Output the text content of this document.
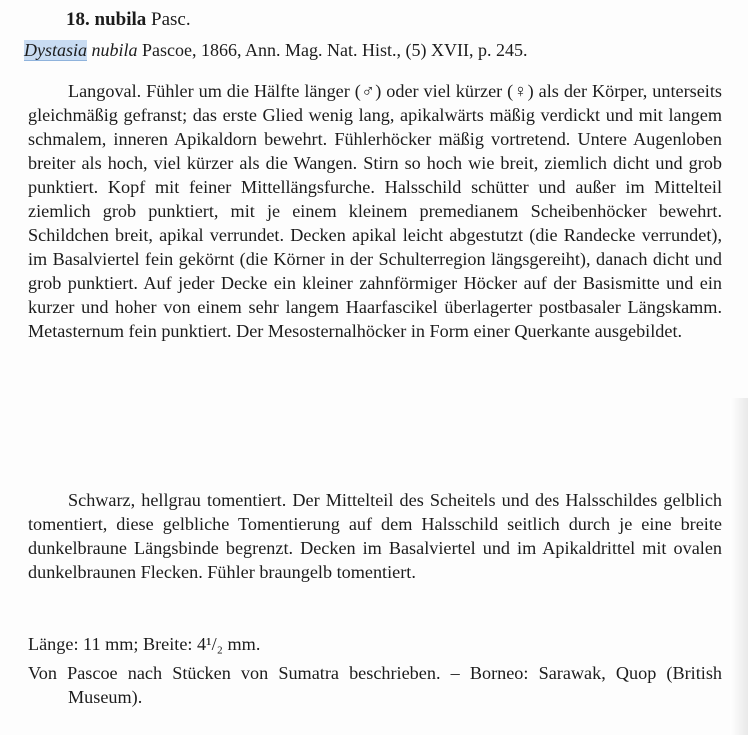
18. nubila Pasc.
Dystasia nubila Pascoe, 1866, Ann. Mag. Nat. Hist., (5) XVII, p. 245.

Langoval. Fühler um die Hälfte länger (♂) oder viel kürzer (♀) als der Körper, unterseits gleichmäßig gefranst; das erste Glied wenig lang, apikalwärts mäßig verdickt und mit langem schmalem, inneren Apikaldorn bewehrt. Fühlerhöcker mäßig vortretend. Untere Augenloben breiter als hoch, viel kürzer als die Wangen. Stirn so hoch wie breit, ziemlich dicht und grob punktiert. Kopf mit feiner Mittellängsfurche. Halsschild schütter und außer im Mittelteil ziemlich grob punktiert, mit je einem kleinem premedianem Scheibenhöcker bewehrt. Schildchen breit, apikal verrundet. Decken apikal leicht abgestutzt (die Randecke verrundet), im Basalviertel fein gekörnt (die Körner in der Schulterregion längsgereiht), danach dicht und grob punktiert. Auf jeder Decke ein kleiner zahnförmiger Höcker auf der Basismitte und ein kurzer und hoher von einem sehr langem Haarfascikel überlagerter postbasaler Längskamm. Metasternum fein punktiert. Der Mesosternalhöcker in Form einer Querkante ausgebildet.

Schwarz, hellgrau tomentiert. Der Mittelteil des Scheitels und des Halsschildes gelblich tomentiert, diese gelbliche Tomentierung auf dem Halsschild seitlich durch je eine breite dunkelbraune Längsbinde begrenzt. Decken im Basalviertel und im Apikaldrittel mit ovalen dunkelbraunen Flecken. Fühler braungelb tomentiert.

Länge: 11 mm; Breite: 4¹/₂ mm.

Von Pascoe nach Stücken von Sumatra beschrieben. – Borneo: Sarawak, Quop (British Museum).
